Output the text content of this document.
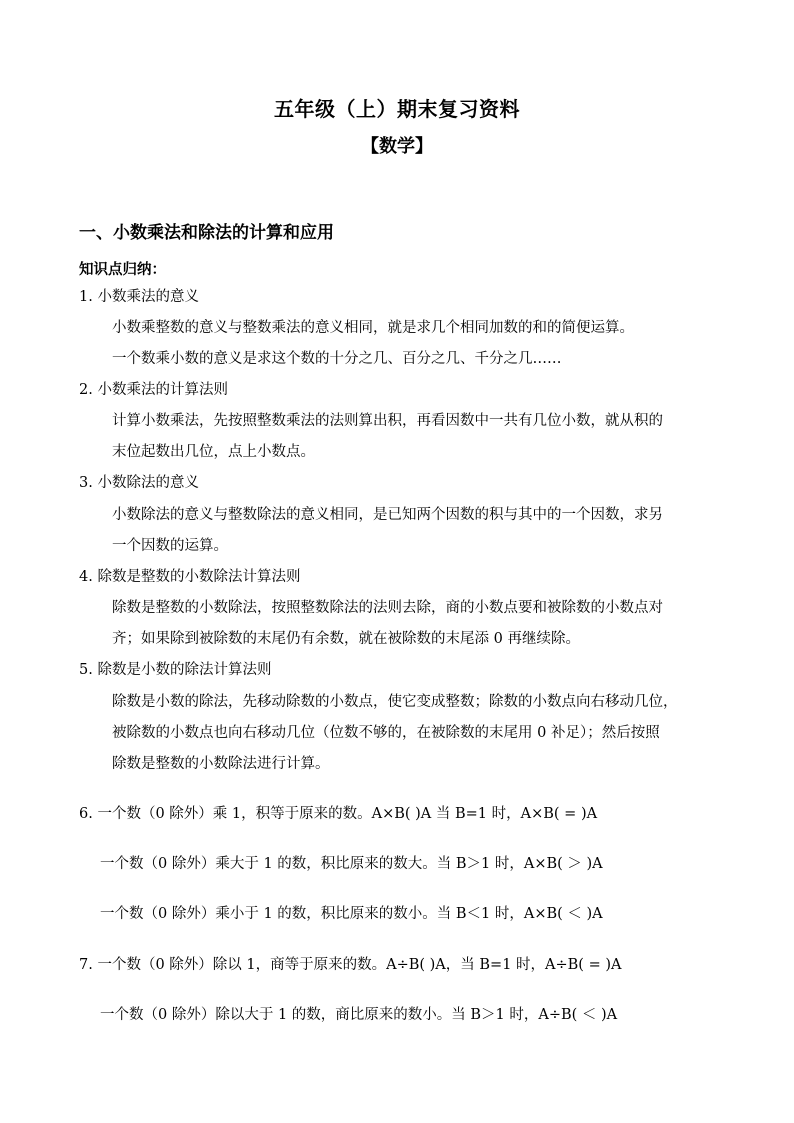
五年级（上）期末复习资料
【数学】
一、小数乘法和除法的计算和应用
知识点归纳：
1. 小数乘法的意义
小数乘整数的意义与整数乘法的意义相同，就是求几个相同加数的和的简便运算。
一个数乘小数的意义是求这个数的十分之几、百分之几、千分之几……
2. 小数乘法的计算法则
计算小数乘法，先按照整数乘法的法则算出积，再看因数中一共有几位小数，就从积的
末位起数出几位，点上小数点。
3. 小数除法的意义
小数除法的意义与整数除法的意义相同，是已知两个因数的积与其中的一个因数，求另
一个因数的运算。
4. 除数是整数的小数除法计算法则
除数是整数的小数除法，按照整数除法的法则去除，商的小数点要和被除数的小数点对
齐；如果除到被除数的末尾仍有余数，就在被除数的末尾添 0 再继续除。
5. 除数是小数的除法计算法则
除数是小数的除法，先移动除数的小数点，使它变成整数；除数的小数点向右移动几位，
被除数的小数点也向右移动几位（位数不够的，在被除数的末尾用 0 补足）；然后按照
除数是整数的小数除法进行计算。
6. 一个数（0 除外）乘 1，积等于原来的数。A×B( )A 当 B=1 时，A×B( = )A
一个数（0 除外）乘大于 1 的数，积比原来的数大。当 B＞1 时，A×B( ＞ )A
一个数（0 除外）乘小于 1 的数，积比原来的数小。当 B＜1 时，A×B( ＜ )A
7. 一个数（0 除外）除以 1，商等于原来的数。A÷B( )A，当 B=1 时，A÷B( = )A
一个数（0 除外）除以大于 1 的数，商比原来的数小。当 B＞1 时，A÷B( ＜ )A
